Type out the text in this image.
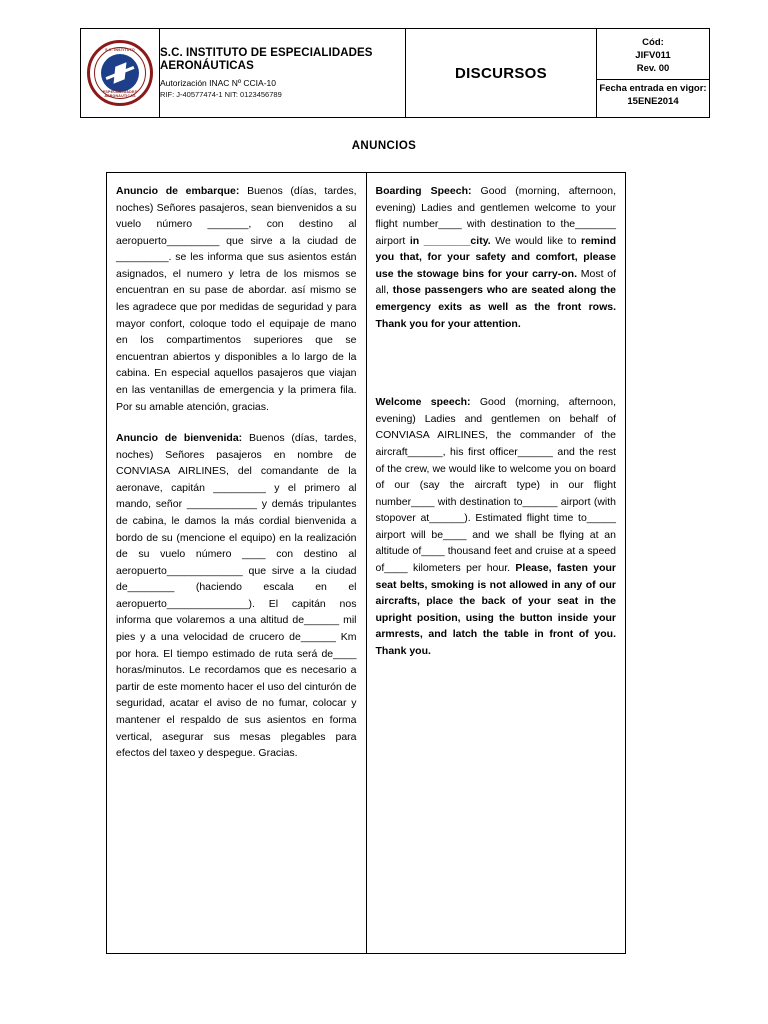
S.C. INSTITUTO
ESPECIALIDADES AERONAUTICAS

S.C. INSTITUTO DE ESPECIALIDADES AERONÁUTICAS
Autorización INAC Nº CCIA-10
RIF: J-40577474-1 NIT: 0123456789

DISCURSOS

Cód:
JIFV011
Rev. 00
Fecha entrada en vigor:
15ENE2014
ANUNCIOS

Anuncio de embarque: Buenos (días, tardes, noches) Señores pasajeros, sean bienvenidos a su vuelo número _______, con destino al aeropuerto_________ que sirve a la ciudad de _________. se les informa que sus asientos están asignados, el numero y letra de los mismos se encuentran en su pase de abordar. así mismo se les agradece que por medidas de seguridad y para mayor confort, coloque todo el equipaje de mano en los compartimentos superiores que se encuentran abiertos y disponibles a lo largo de la cabina. En especial aquellos pasajeros que viajan en las ventanillas de emergencia y la primera fila. Por su amable atención, gracias.

Anuncio de bienvenida: Buenos (días, tardes, noches) Señores pasajeros en nombre de CONVIASA AIRLINES, del comandante de la aeronave, capitán _________ y el primero al mando, señor ____________ y demás tripulantes de cabina, le damos la más cordial bienvenida a bordo de su (mencione el equipo) en la realización de su vuelo número ____ con destino al aeropuerto_____________ que sirve a la ciudad de________ (haciendo escala en el aeropuerto______________). El capitán nos informa que volaremos a una altitud de______ mil pies y a una velocidad de crucero de______ Km por hora. El tiempo estimado de ruta será de____ horas/minutos. Le recordamos que es necesario a partir de este momento hacer el uso del cinturón de seguridad, acatar el aviso de no fumar, colocar y mantener el respaldo de sus asientos en forma vertical, asegurar sus mesas plegables para efectos del taxeo y despegue. Gracias.

Boarding Speech: Good (morning, afternoon, evening) Ladies and gentlemen welcome to your flight number____ with destination to the_______ airport in ________city. We would like to remind you that, for your safety and comfort, please use the stowage bins for your carry-on. Most of all, those passengers who are seated along the emergency exits as well as the front rows. Thank you for your attention.

Welcome speech: Good (morning, afternoon, evening) Ladies and gentlemen on behalf of CONVIASA AIRLINES, the commander of the aircraft______, his first officer______ and the rest of the crew, we would like to welcome you on board of our (say the aircraft type) in our flight number____ with destination to______ airport (with stopover at______). Estimated flight time to_____ airport will be____ and we shall be flying at an altitude of____ thousand feet and cruise at a speed of____ kilometers per hour. Please, fasten your seat belts, smoking is not allowed in any of our aircrafts, place the back of your seat in the upright position, using the button inside your armrests, and latch the table in front of you. Thank you.
